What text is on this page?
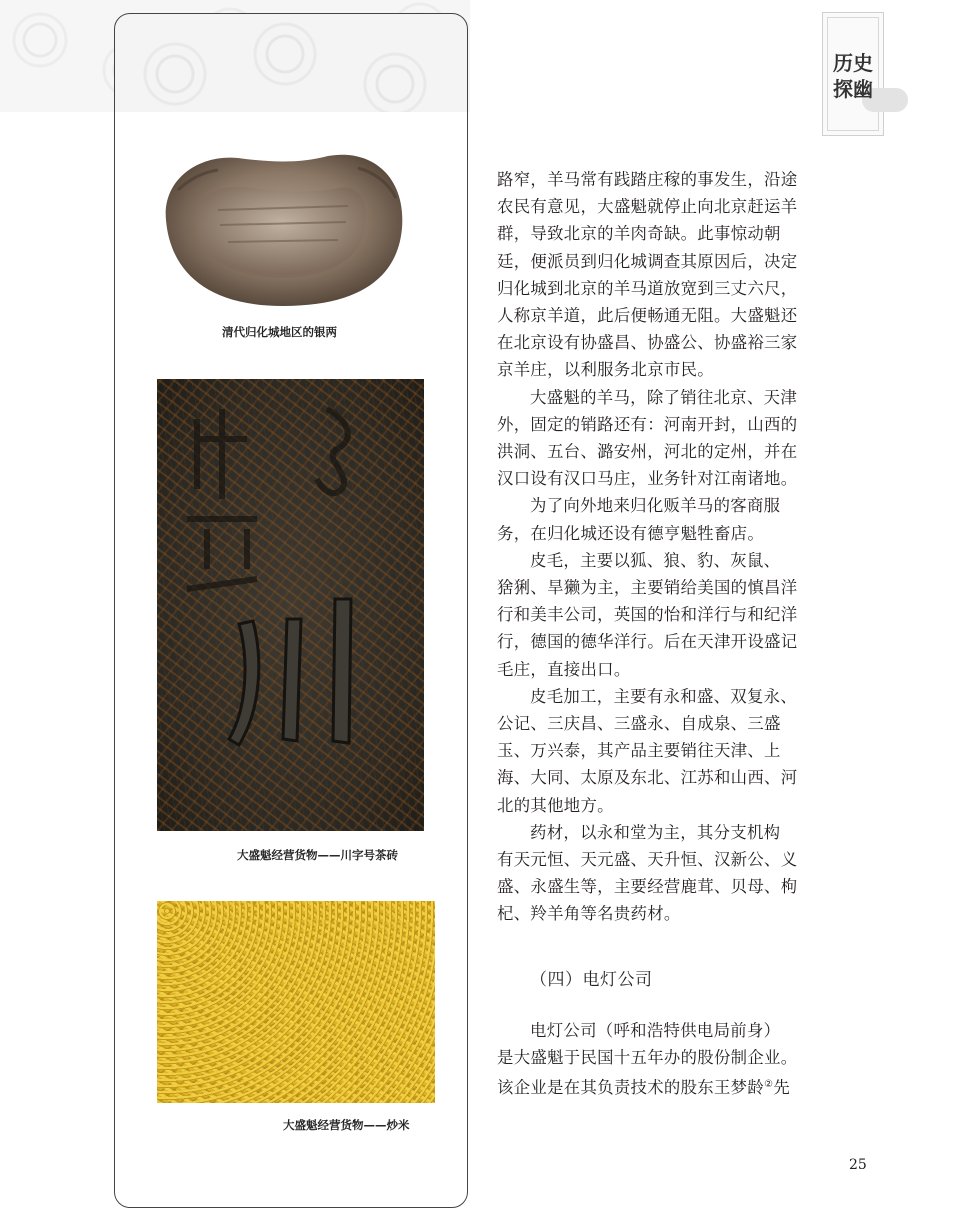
历史
探幽
清代归化城地区的银两
大盛魁经营货物——川字号茶砖
大盛魁经营货物——炒米
路窄，羊马常有践踏庄稼的事发生，沿途
农民有意见，大盛魁就停止向北京赶运羊
群，导致北京的羊肉奇缺。此事惊动朝
廷，便派员到归化城调查其原因后，决定
归化城到北京的羊马道放宽到三丈六尺，
人称京羊道，此后便畅通无阻。大盛魁还
在北京设有协盛昌、协盛公、协盛裕三家
京羊庄，以利服务北京市民。
大盛魁的羊马，除了销往北京、天津
外，固定的销路还有：河南开封，山西的
洪洞、五台、潞安州，河北的定州，并在
汉口设有汉口马庄，业务针对江南诸地。
为了向外地来归化贩羊马的客商服
务，在归化城还设有德亨魁牲畜店。
皮毛，主要以狐、狼、豹、灰鼠、
猞猁、旱獭为主，主要销给美国的慎昌洋
行和美丰公司，英国的怡和洋行与和纪洋
行，德国的德华洋行。后在天津开设盛记
毛庄，直接出口。
皮毛加工，主要有永和盛、双复永、
公记、三庆昌、三盛永、自成泉、三盛
玉、万兴泰，其产品主要销往天津、上
海、大同、太原及东北、江苏和山西、河
北的其他地方。
药材，以永和堂为主，其分支机构
有天元恒、天元盛、天升恒、汉新公、义
盛、永盛生等，主要经营鹿茸、贝母、枸
杞、羚羊角等名贵药材。
（四）电灯公司
电灯公司（呼和浩特供电局前身）
是大盛魁于民国十五年办的股份制企业。
该企业是在其负责技术的股东王梦龄②先
25
